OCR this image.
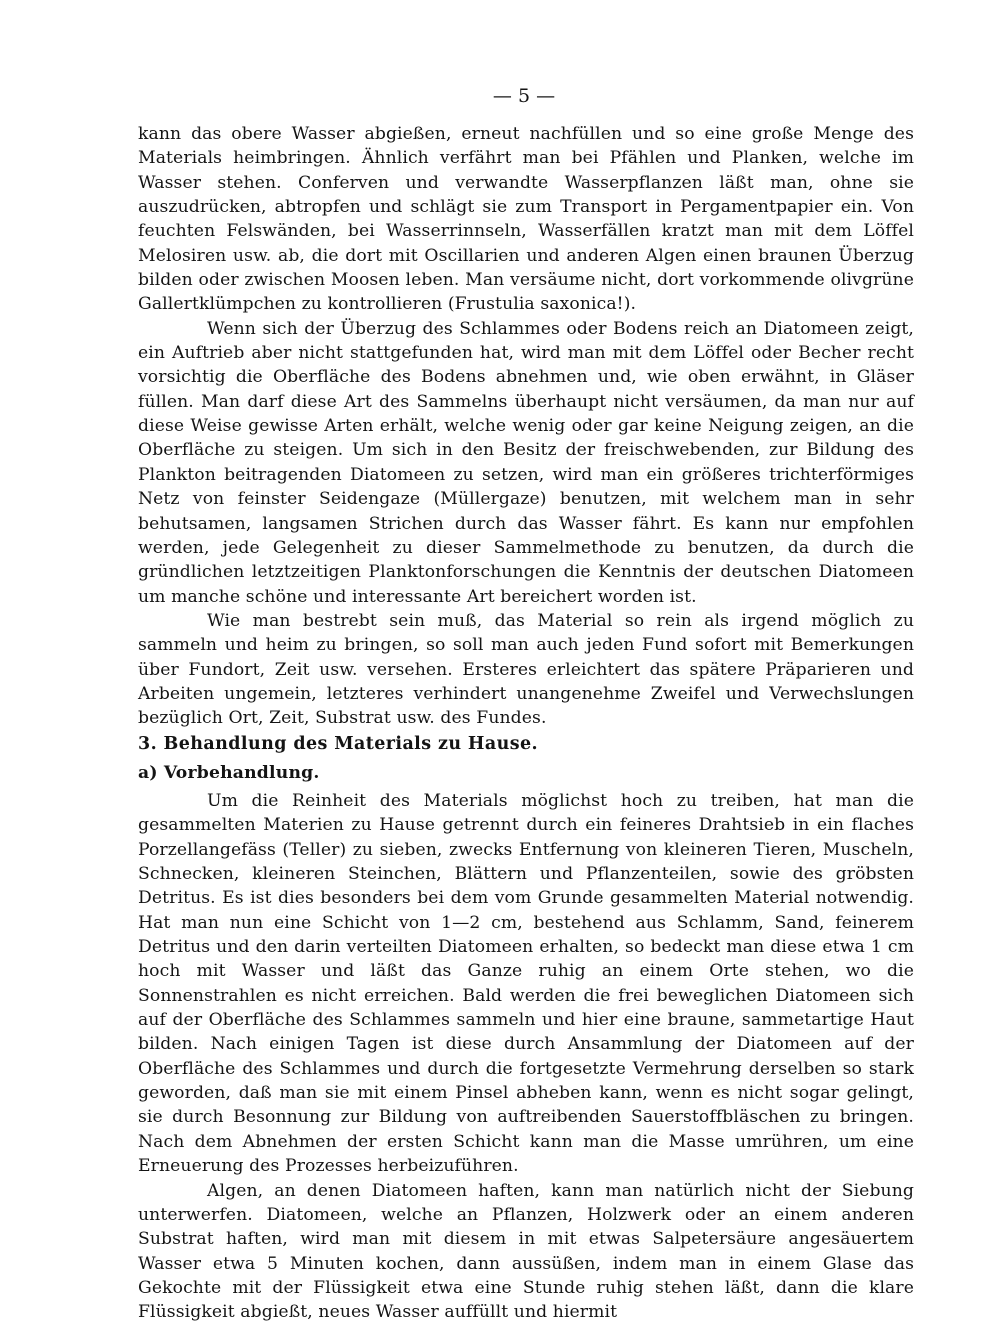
— 5 —

kann das obere Wasser abgießen, erneut nachfüllen und so eine große Menge des Materials heimbringen. Ähnlich verfährt man bei Pfählen und Planken, welche im Wasser stehen. Conferven und verwandte Wasserpflanzen läßt man, ohne sie auszudrücken, abtropfen und schlägt sie zum Transport in Pergamentpapier ein. Von feuchten Felswänden, bei Wasserrinnseln, Wasserfällen kratzt man mit dem Löffel Melosiren usw. ab, die dort mit Oscillarien und anderen Algen einen braunen Überzug bilden oder zwischen Moosen leben. Man versäume nicht, dort vorkommende olivgrüne Gallertklümpchen zu kontrollieren (Frustulia saxonica!).

Wenn sich der Überzug des Schlammes oder Bodens reich an Diatomeen zeigt, ein Auftrieb aber nicht stattgefunden hat, wird man mit dem Löffel oder Becher recht vorsichtig die Oberfläche des Bodens abnehmen und, wie oben erwähnt, in Gläser füllen. Man darf diese Art des Sammelns überhaupt nicht versäumen, da man nur auf diese Weise gewisse Arten erhält, welche wenig oder gar keine Neigung zeigen, an die Oberfläche zu steigen. Um sich in den Besitz der freischwebenden, zur Bildung des Plankton beitragenden Diatomeen zu setzen, wird man ein größeres trichterförmiges Netz von feinster Seidengaze (Müllergaze) benutzen, mit welchem man in sehr behutsamen, langsamen Strichen durch das Wasser fährt. Es kann nur empfohlen werden, jede Gelegenheit zu dieser Sammelmethode zu benutzen, da durch die gründlichen letztzeitigen Planktonforschungen die Kenntnis der deutschen Diatomeen um manche schöne und interessante Art bereichert worden ist.

Wie man bestrebt sein muß, das Material so rein als irgend möglich zu sammeln und heim zu bringen, so soll man auch jeden Fund sofort mit Bemerkungen über Fundort, Zeit usw. versehen. Ersteres erleichtert das spätere Präparieren und Arbeiten ungemein, letzteres verhindert unangenehme Zweifel und Verwechslungen bezüglich Ort, Zeit, Substrat usw. des Fundes.

3. Behandlung des Materials zu Hause.
a) Vorbehandlung.

Um die Reinheit des Materials möglichst hoch zu treiben, hat man die gesammelten Materien zu Hause getrennt durch ein feineres Drahtsieb in ein flaches Porzellangefäss (Teller) zu sieben, zwecks Entfernung von kleineren Tieren, Muscheln, Schnecken, kleineren Steinchen, Blättern und Pflanzenteilen, sowie des gröbsten Detritus. Es ist dies besonders bei dem vom Grunde gesammelten Material notwendig. Hat man nun eine Schicht von 1—2 cm, bestehend aus Schlamm, Sand, feinerem Detritus und den darin verteilten Diatomeen erhalten, so bedeckt man diese etwa 1 cm hoch mit Wasser und läßt das Ganze ruhig an einem Orte stehen, wo die Sonnenstrahlen es nicht erreichen. Bald werden die frei beweglichen Diatomeen sich auf der Oberfläche des Schlammes sammeln und hier eine braune, sammetartige Haut bilden. Nach einigen Tagen ist diese durch Ansammlung der Diatomeen auf der Oberfläche des Schlammes und durch die fortgesetzte Vermehrung derselben so stark geworden, daß man sie mit einem Pinsel abheben kann, wenn es nicht sogar gelingt, sie durch Besonnung zur Bildung von auftreibenden Sauerstoffbläschen zu bringen. Nach dem Abnehmen der ersten Schicht kann man die Masse umrühren, um eine Erneuerung des Prozesses herbeizuführen.

Algen, an denen Diatomeen haften, kann man natürlich nicht der Siebung unterwerfen. Diatomeen, welche an Pflanzen, Holzwerk oder an einem anderen Substrat haften, wird man mit diesem in mit etwas Salpetersäure angesäuertem Wasser etwa 5 Minuten kochen, dann aussüßen, indem man in einem Glase das Gekochte mit der Flüssigkeit etwa eine Stunde ruhig stehen läßt, dann die klare Flüssigkeit abgießt, neues Wasser auffüllt und hiermit
